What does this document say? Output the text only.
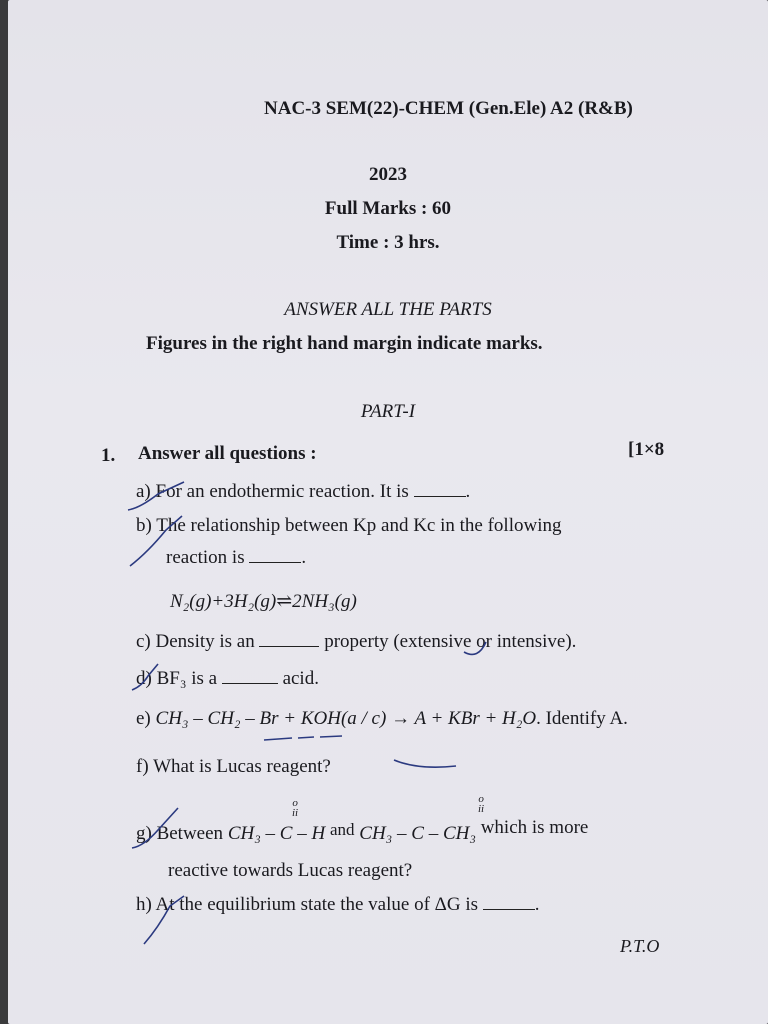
NAC-3 SEM(22)-CHEM (Gen.Ele) A2 (R&B)
2023
Full Marks : 60
Time : 3 hrs.
ANSWER ALL THE PARTS
Figures in the right hand margin indicate marks.
PART-I
1. Answer all questions :	[1×8
a) For an endothermic reaction. It is	.
b) The relationship between Kp and Kc in the following
reaction is	.
N₂(g)+3H₂(g)⇌2NH₃(g)
c) Density is an	property (extensive or intensive).
d) BF₃ is a	acid.
e) CH₃ – CH₂ – Br + KOH(a / c) → A + KBr + H₂O. Identify A.
f) What is Lucas reagent?
o
ii
o
ii
g) Between CH₃ – C – H and CH₃ – C – CH₃ which is more
reactive towards Lucas reagent?
h) At the equilibrium state the value of ΔG is	.
P.T.O
